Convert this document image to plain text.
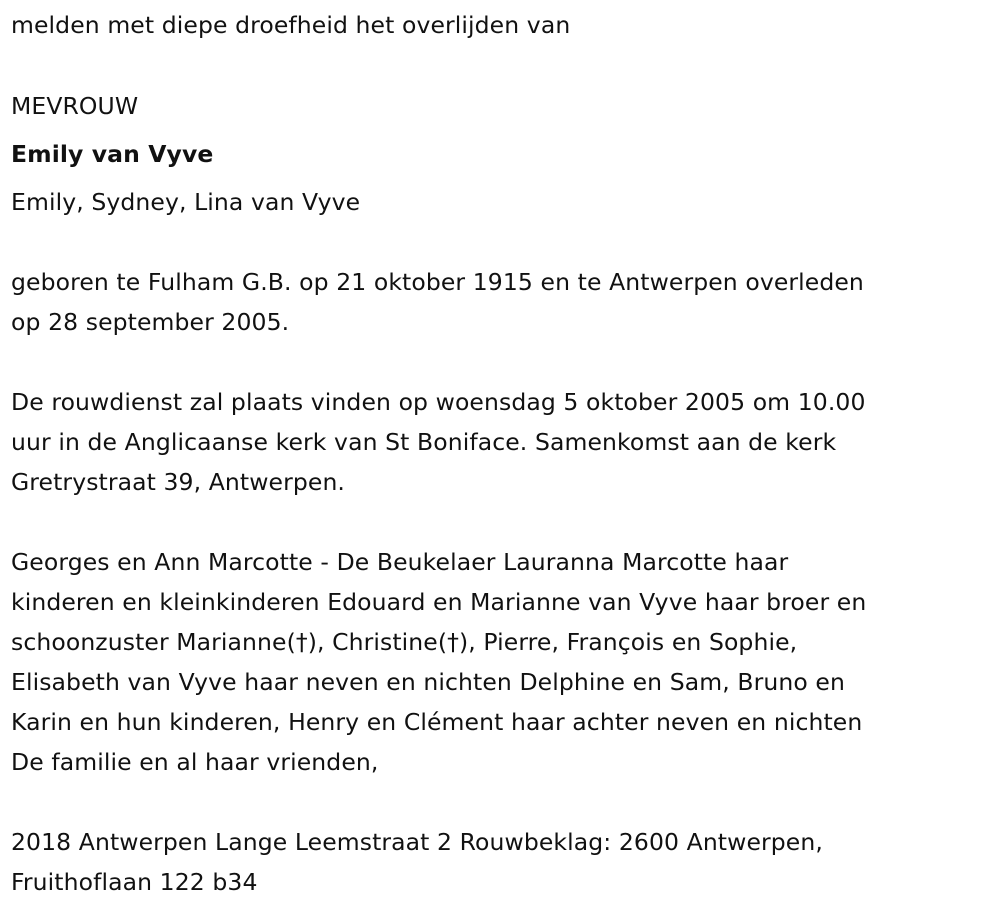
melden met diepe droefheid het overlijden van
MEVROUW
Emily van Vyve
Emily, Sydney, Lina van Vyve
geboren te Fulham G.B. op 21 oktober 1915 en te Antwerpen overleden
op 28 september 2005.
De rouwdienst zal plaats vinden op woensdag 5 oktober 2005 om 10.00
uur in de Anglicaanse kerk van St Boniface. Samenkomst aan de kerk
Gretrystraat 39, Antwerpen.
Georges en Ann Marcotte - De Beukelaer Lauranna Marcotte haar
kinderen en kleinkinderen Edouard en Marianne van Vyve haar broer en
schoonzuster Marianne(†), Christine(†), Pierre, François en Sophie,
Elisabeth van Vyve haar neven en nichten Delphine en Sam, Bruno en
Karin en hun kinderen, Henry en Clément haar achter neven en nichten
De familie en al haar vrienden,
2018 Antwerpen Lange Leemstraat 2 Rouwbeklag: 2600 Antwerpen,
Fruithoflaan 122 b34
